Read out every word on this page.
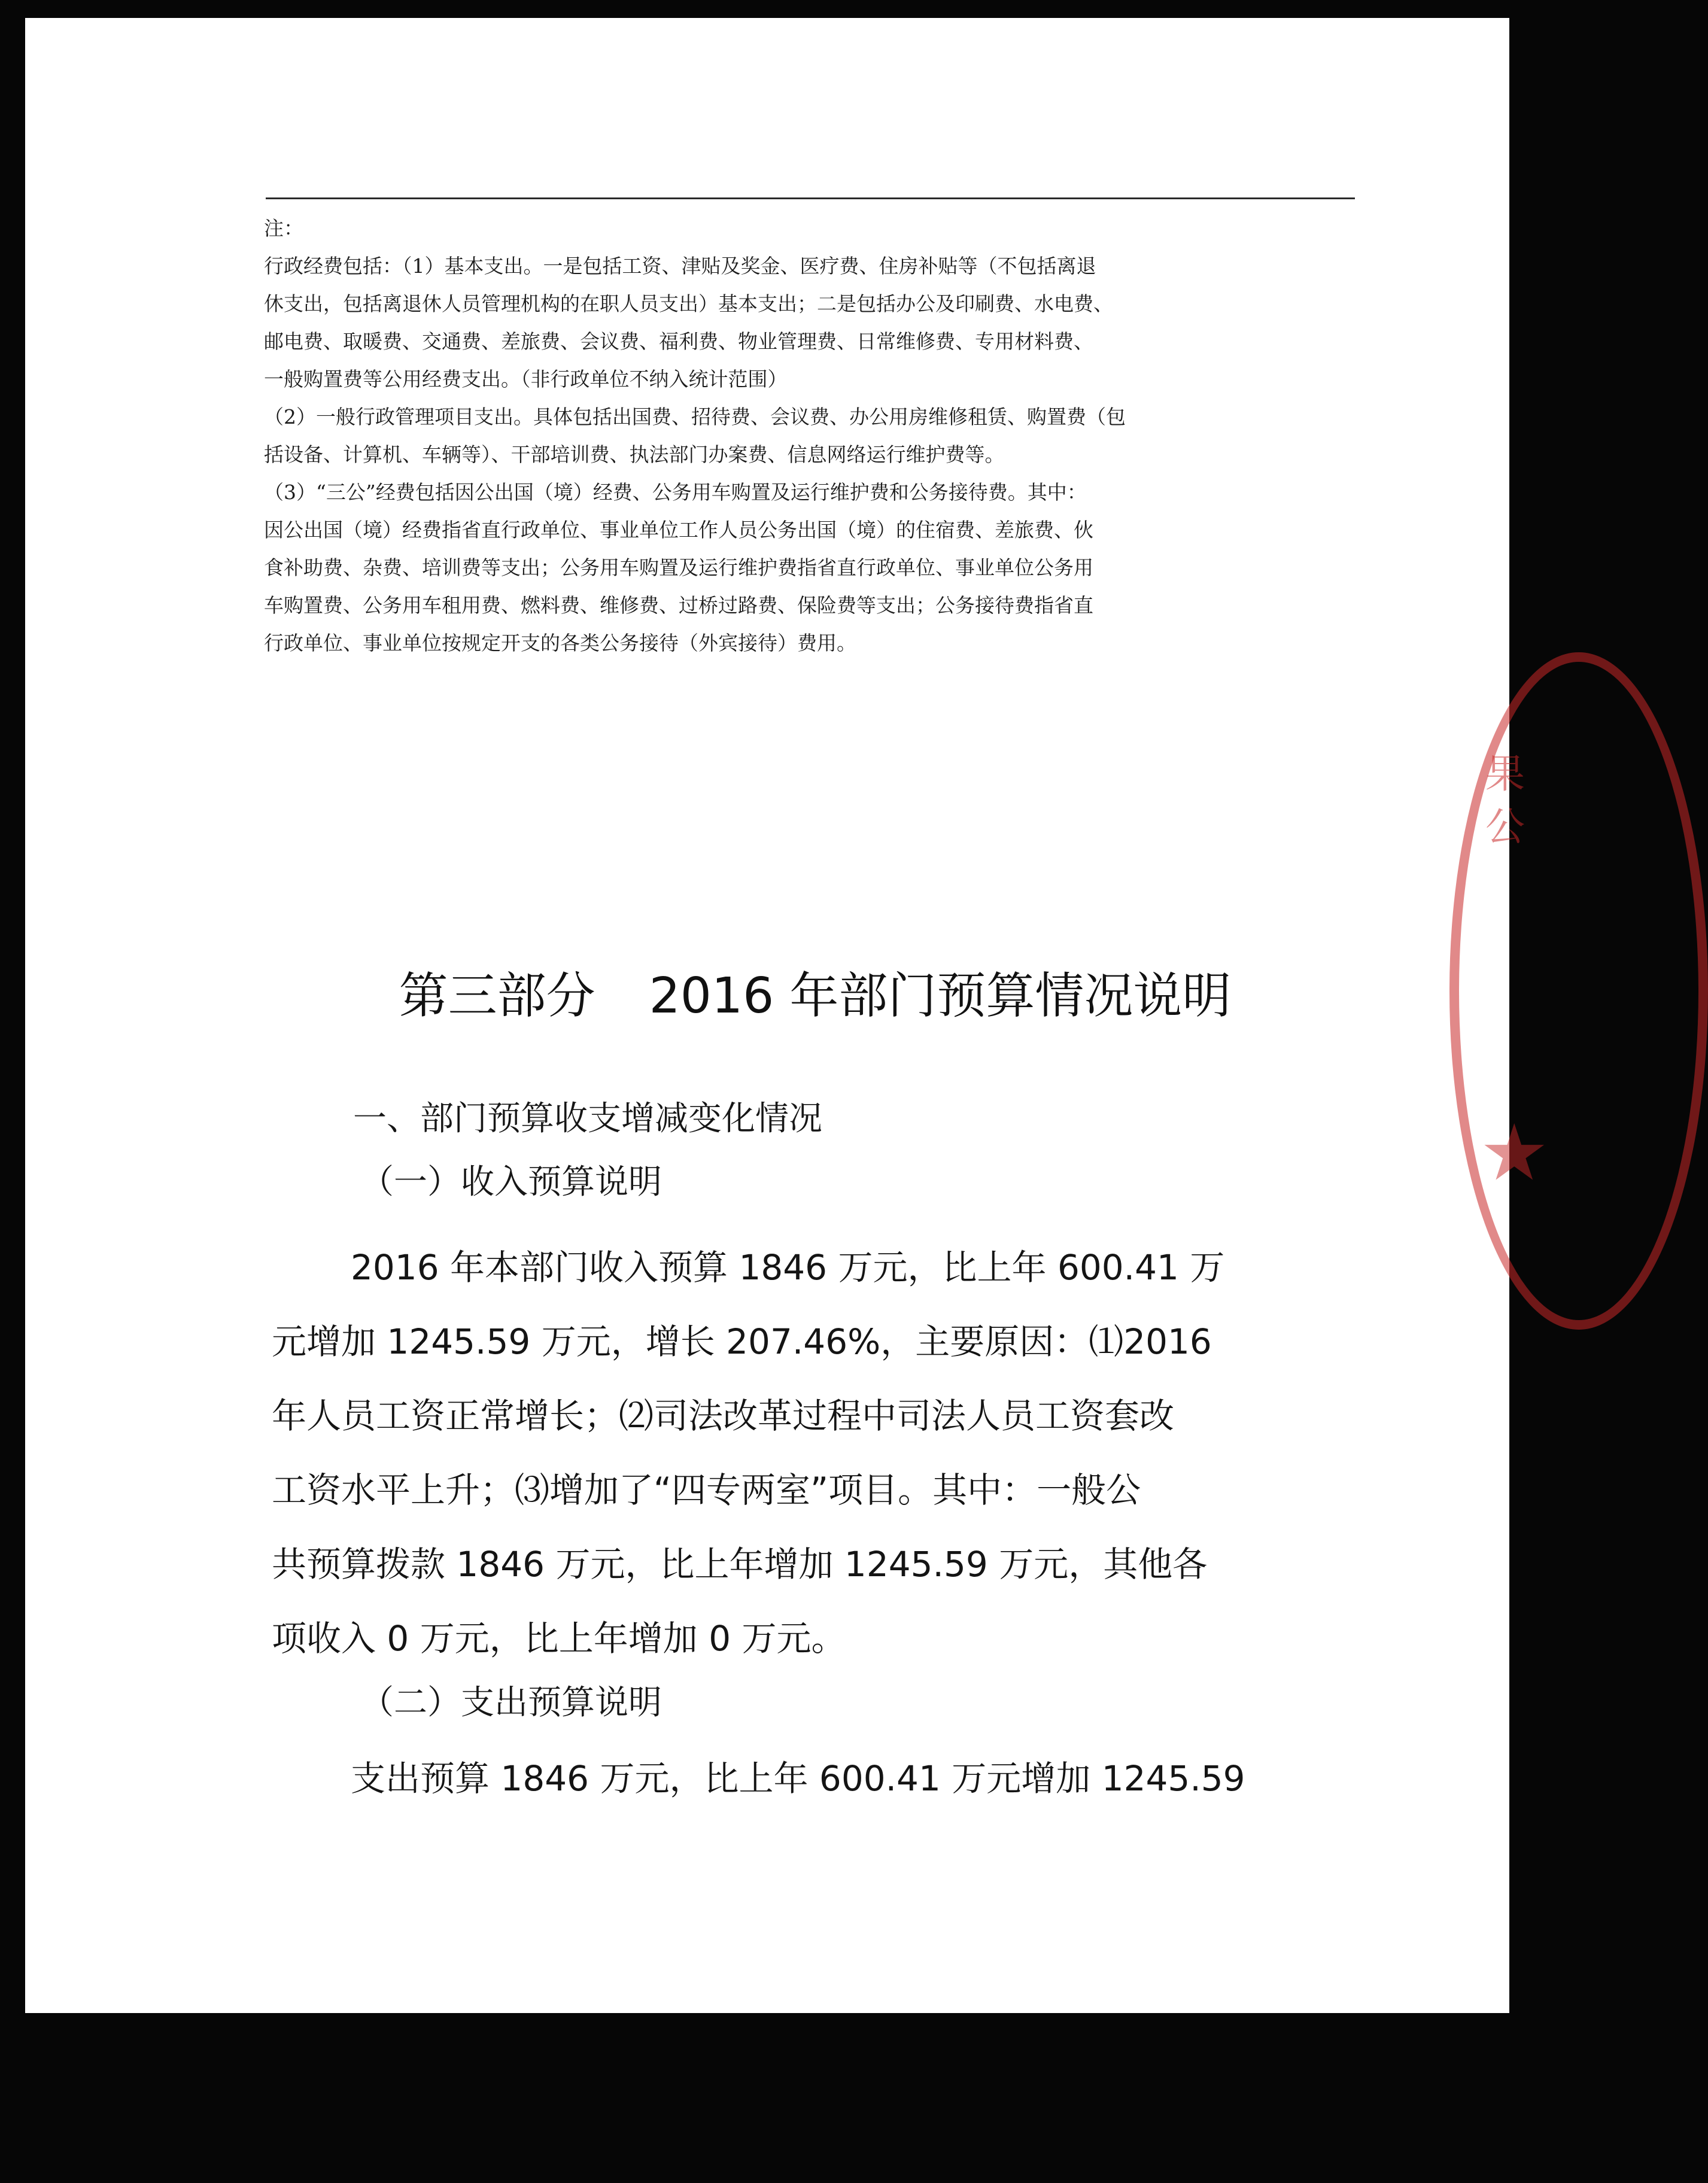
注：

行政经费包括：（1）基本支出。一是包括工资、津贴及奖金、医疗费、住房补贴等（不包括离退

休支出，包括离退休人员管理机构的在职人员支出）基本支出；二是包括办公及印刷费、水电费、

邮电费、取暖费、交通费、差旅费、会议费、福利费、物业管理费、日常维修费、专用材料费、

一般购置费等公用经费支出。（非行政单位不纳入统计范围）

（2）一般行政管理项目支出。具体包括出国费、招待费、会议费、办公用房维修租赁、购置费（包

括设备、计算机、车辆等）、干部培训费、执法部门办案费、信息网络运行维护费等。

（3）“三公”经费包括因公出国（境）经费、公务用车购置及运行维护费和公务接待费。其中：

因公出国（境）经费指省直行政单位、事业单位工作人员公务出国（境）的住宿费、差旅费、伙

食补助费、杂费、培训费等支出；公务用车购置及运行维护费指省直行政单位、事业单位公务用

车购置费、公务用车租用费、燃料费、维修费、过桥过路费、保险费等支出；公务接待费指省直

行政单位、事业单位按规定开支的各类公务接待（外宾接待）费用。

第三部分 2016 年部门预算情况说明
一、部门预算收支增减变化情况
（一）收入预算说明

2016 年本部门收入预算 1846 万元，比上年 600.41 万

元增加 1245.59 万元，增长 207.46%，主要原因：⑴2016

年人员工资正常增长；⑵司法改革过程中司法人员工资套改

工资水平上升；⑶增加了“四专两室”项目。其中：一般公

共预算拨款 1846 万元，比上年增加 1245.59 万元，其他各

项收入 0 万元，比上年增加 0 万元。

（二）支出预算说明

支出预算 1846 万元，比上年 600.41 万元增加 1245.59

★
果公
